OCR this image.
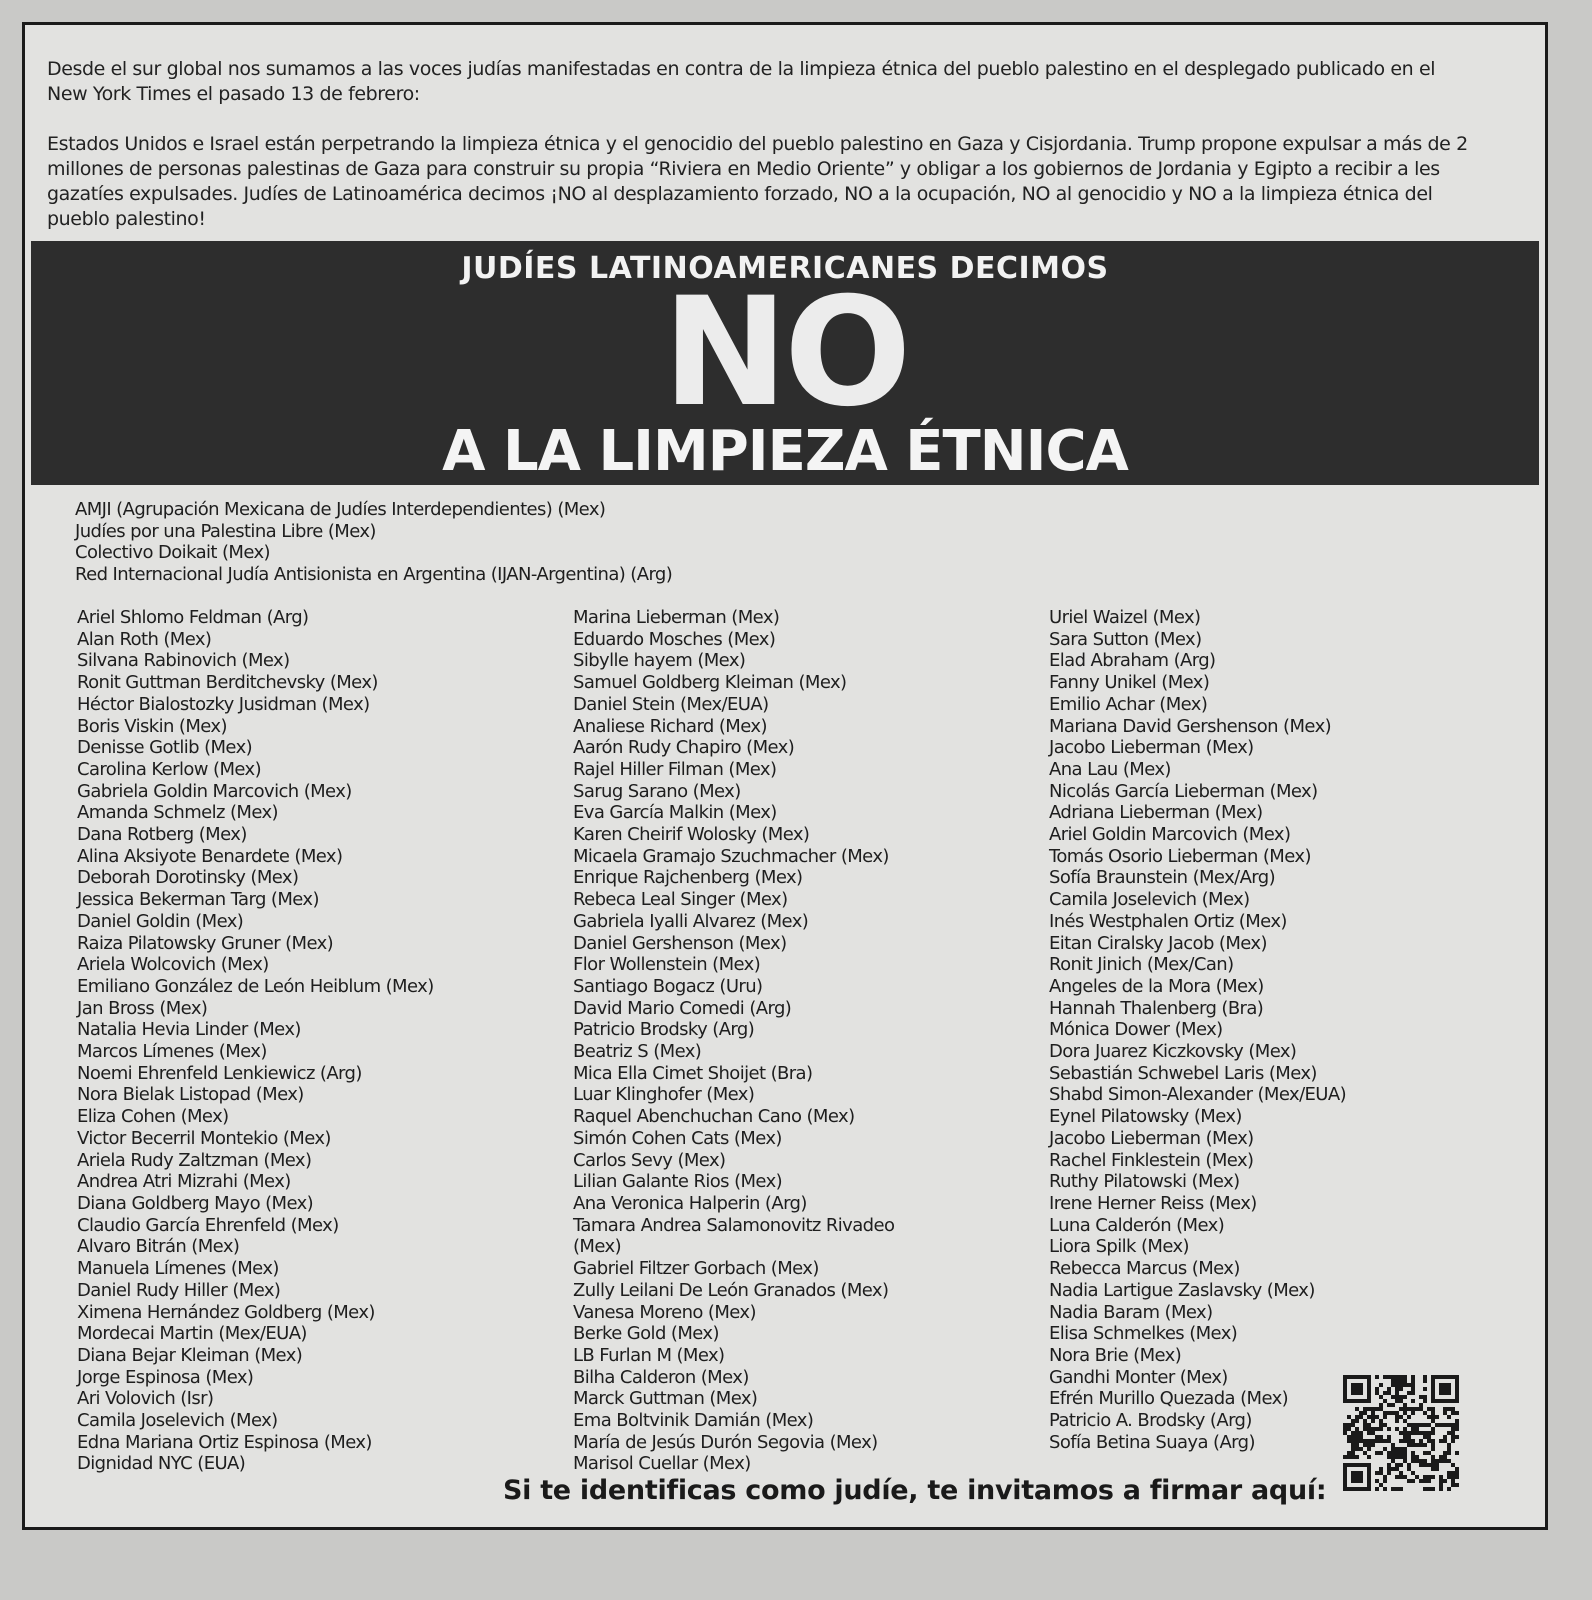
Desde el sur global nos sumamos a las voces judías manifestadas en contra de la limpieza étnica del pueblo palestino en el desplegado publicado en el New York Times el pasado 13 de febrero:

Estados Unidos e Israel están perpetrando la limpieza étnica y el genocidio del pueblo palestino en Gaza y Cisjordania. Trump propone expulsar a más de 2 millones de personas palestinas de Gaza para construir su propia “Riviera en Medio Oriente” y obligar a los gobiernos de Jordania y Egipto a recibir a les gazatíes expulsades. Judíes de Latinoamérica decimos ¡NO al desplazamiento forzado, NO a la ocupación, NO al genocidio y NO a la limpieza étnica del pueblo palestino!

JUDÍES LATINOAMERICANES DECIMOS
NO
A LA LIMPIEZA ÉTNICA
AMJI (Agrupación Mexicana de Judíes Interdependientes) (Mex)
Judíes por una Palestina Libre (Mex)
Colectivo Doikait (Mex)
Red Internacional Judía Antisionista en Argentina (IJAN-Argentina) (Arg)
Ariel Shlomo Feldman (Arg)
Alan Roth (Mex)
Silvana Rabinovich (Mex)
Ronit Guttman Berditchevsky (Mex)
Héctor Bialostozky Jusidman (Mex)
Boris Viskin (Mex)
Denisse Gotlib (Mex)
Carolina Kerlow (Mex)
Gabriela Goldin Marcovich (Mex)
Amanda Schmelz (Mex)
Dana Rotberg (Mex)
Alina Aksiyote Benardete (Mex)
Deborah Dorotinsky (Mex)
Jessica Bekerman Targ (Mex)
Daniel Goldin (Mex)
Raiza Pilatowsky Gruner (Mex)
Ariela Wolcovich (Mex)
Emiliano González de León Heiblum (Mex)
Jan Bross (Mex)
Natalia Hevia Linder (Mex)
Marcos Límenes (Mex)
Noemi Ehrenfeld Lenkiewicz (Arg)
Nora Bielak Listopad (Mex)
Eliza Cohen (Mex)
Victor Becerril Montekio (Mex)
Ariela Rudy Zaltzman (Mex)
Andrea Atri Mizrahi (Mex)
Diana Goldberg Mayo (Mex)
Claudio García Ehrenfeld (Mex)
Alvaro Bitrán (Mex)
Manuela Límenes (Mex)
Daniel Rudy Hiller (Mex)
Ximena Hernández Goldberg (Mex)
Mordecai Martin (Mex/EUA)
Diana Bejar Kleiman (Mex)
Jorge Espinosa (Mex)
Ari Volovich (Isr)
Camila Joselevich (Mex)
Edna Mariana Ortiz Espinosa (Mex)
Dignidad NYC (EUA)
Marina Lieberman (Mex)
Eduardo Mosches (Mex)
Sibylle hayem (Mex)
Samuel Goldberg Kleiman (Mex)
Daniel Stein (Mex/EUA)
Analiese Richard (Mex)
Aarón Rudy Chapiro (Mex)
Rajel Hiller Filman (Mex)
Sarug Sarano (Mex)
Eva García Malkin (Mex)
Karen Cheirif Wolosky (Mex)
Micaela Gramajo Szuchmacher (Mex)
Enrique Rajchenberg (Mex)
Rebeca Leal Singer (Mex)
Gabriela Iyalli Alvarez (Mex)
Daniel Gershenson (Mex)
Flor Wollenstein (Mex)
Santiago Bogacz (Uru)
David Mario Comedi (Arg)
Patricio Brodsky (Arg)
Beatriz S (Mex)
Mica Ella Cimet Shoijet (Bra)
Luar Klinghofer (Mex)
Raquel Abenchuchan Cano (Mex)
Simón Cohen Cats (Mex)
Carlos Sevy (Mex)
Lilian Galante Rios (Mex)
Ana Veronica Halperin (Arg)
Tamara Andrea Salamonovitz Rivadeo (Mex)
Gabriel Filtzer Gorbach (Mex)
Zully Leilani De León Granados (Mex)
Vanesa Moreno (Mex)
Berke Gold (Mex)
LB Furlan M (Mex)
Bilha Calderon (Mex)
Marck Guttman (Mex)
Ema Boltvinik Damián (Mex)
María de Jesús Durón Segovia (Mex)
Marisol Cuellar (Mex)
Uriel Waizel (Mex)
Sara Sutton (Mex)
Elad Abraham (Arg)
Fanny Unikel (Mex)
Emilio Achar (Mex)
Mariana David Gershenson (Mex)
Jacobo Lieberman (Mex)
Ana Lau (Mex)
Nicolás García Lieberman (Mex)
Adriana Lieberman (Mex)
Ariel Goldin Marcovich (Mex)
Tomás Osorio Lieberman (Mex)
Sofía Braunstein (Mex/Arg)
Camila Joselevich (Mex)
Inés Westphalen Ortiz (Mex)
Eitan Ciralsky Jacob (Mex)
Ronit Jinich (Mex/Can)
Angeles de la Mora (Mex)
Hannah Thalenberg (Bra)
Mónica Dower (Mex)
Dora Juarez Kiczkovsky (Mex)
Sebastián Schwebel Laris (Mex)
Shabd Simon-Alexander (Mex/EUA)
Eynel Pilatowsky (Mex)
Jacobo Lieberman (Mex)
Rachel Finklestein (Mex)
Ruthy Pilatowski (Mex)
Irene Herner Reiss (Mex)
Luna Calderón (Mex)
Liora Spilk (Mex)
Rebecca Marcus (Mex)
Nadia Lartigue Zaslavsky (Mex)
Nadia Baram (Mex)
Elisa Schmelkes (Mex)
Nora Brie (Mex)
Gandhi Monter (Mex)
Efrén Murillo Quezada (Mex)
Patricio A. Brodsky (Arg)
Sofía Betina Suaya (Arg)
Si te identificas como judíe, te invitamos a firmar aquí:
